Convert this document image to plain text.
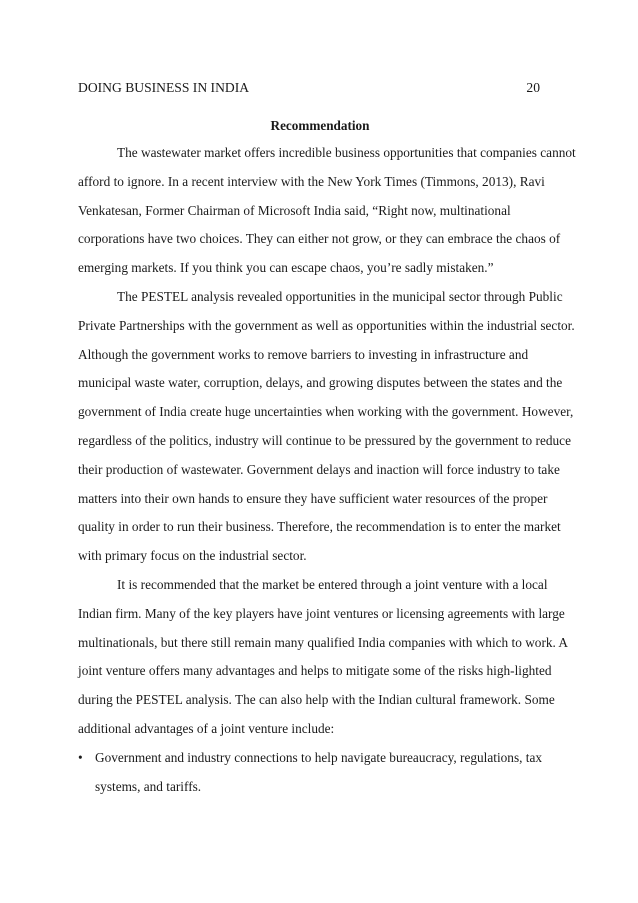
DOING BUSINESS IN INDIA	20
Recommendation
The wastewater market offers incredible business opportunities that companies cannot
afford to ignore. In a recent interview with the New York Times (Timmons, 2013), Ravi
Venkatesan, Former Chairman of Microsoft India said, “Right now, multinational
corporations have two choices. They can either not grow, or they can embrace the chaos of
emerging markets. If you think you can escape chaos, you’re sadly mistaken.”
The PESTEL analysis revealed opportunities in the municipal sector through Public
Private Partnerships with the government as well as opportunities within the industrial sector.
Although the government works to remove barriers to investing in infrastructure and
municipal waste water, corruption, delays, and growing disputes between the states and the
government of India create huge uncertainties when working with the government. However,
regardless of the politics, industry will continue to be pressured by the government to reduce
their production of wastewater. Government delays and inaction will force industry to take
matters into their own hands to ensure they have sufficient water resources of the proper
quality in order to run their business. Therefore, the recommendation is to enter the market
with primary focus on the industrial sector.
It is recommended that the market be entered through a joint venture with a local
Indian firm. Many of the key players have joint ventures or licensing agreements with large
multinationals, but there still remain many qualified India companies with which to work. A
joint venture offers many advantages and helps to mitigate some of the risks high-lighted
during the PESTEL analysis. The can also help with the Indian cultural framework. Some
additional advantages of a joint venture include:
• Government and industry connections to help navigate bureaucracy, regulations, tax
systems, and tariffs.
